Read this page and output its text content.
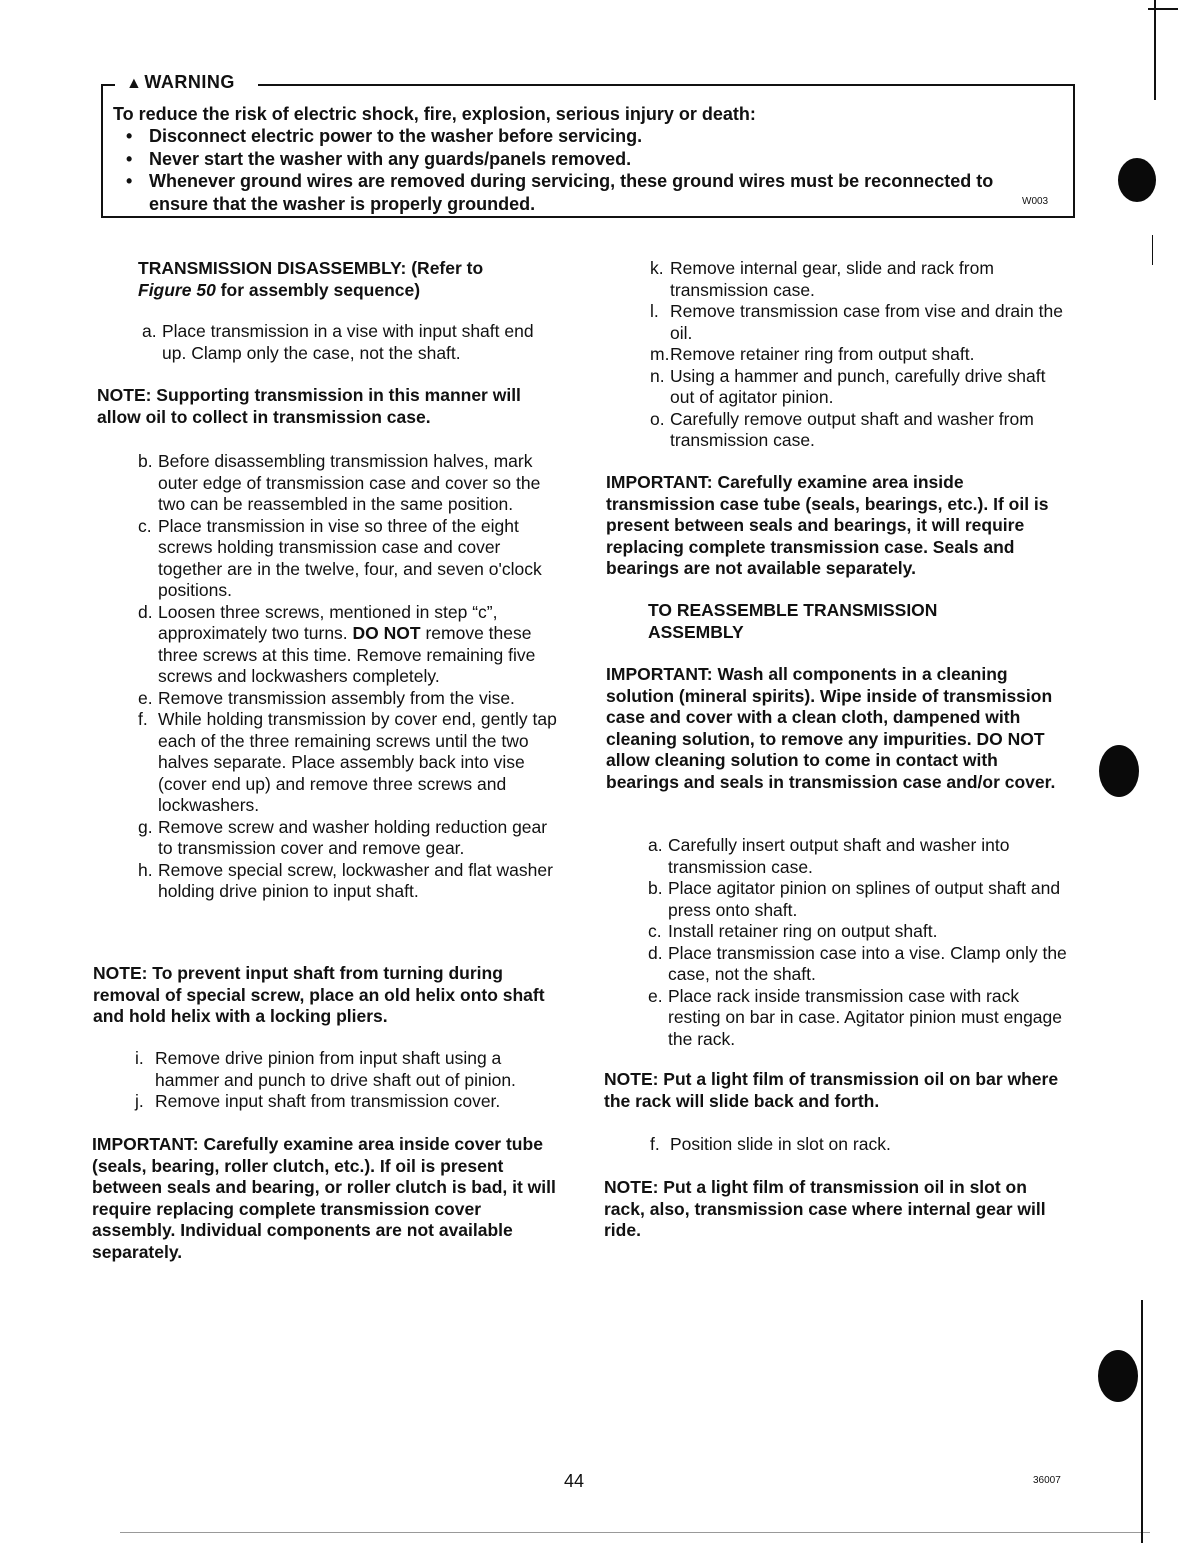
▲ WARNING
To reduce the risk of electric shock, fire, explosion, serious injury or death:
• Disconnect electric power to the washer before servicing.
• Never start the washer with any guards/panels removed.
• Whenever ground wires are removed during servicing, these ground wires must be reconnected to ensure that the washer is properly grounded.	W003
TRANSMISSION DISASSEMBLY: (Refer to
Figure 50 for assembly sequence)
a. Place transmission in a vise with input shaft end up. Clamp only the case, not the shaft.
NOTE: Supporting transmission in this manner will allow oil to collect in transmission case.
b. Before disassembling transmission halves, mark outer edge of transmission case and cover so the two can be reassembled in the same position.
c. Place transmission in vise so three of the eight screws holding transmission case and cover together are in the twelve, four, and seven o'clock positions.
d. Loosen three screws, mentioned in step “c”, approximately two turns. DO NOT remove these three screws at this time. Remove remaining five screws and lockwashers completely.
e. Remove transmission assembly from the vise.
f. While holding transmission by cover end, gently tap each of the three remaining screws until the two halves separate. Place assembly back into vise (cover end up) and remove three screws and lockwashers.
g. Remove screw and washer holding reduction gear to transmission cover and remove gear.
h. Remove special screw, lockwasher and flat washer holding drive pinion to input shaft.
NOTE: To prevent input shaft from turning during removal of special screw, place an old helix onto shaft and hold helix with a locking pliers.
i. Remove drive pinion from input shaft using a hammer and punch to drive shaft out of pinion.
j. Remove input shaft from transmission cover.
IMPORTANT: Carefully examine area inside cover tube (seals, bearing, roller clutch, etc.). If oil is present between seals and bearing, or roller clutch is bad, it will require replacing complete transmission cover assembly. Individual components are not available separately.
k. Remove internal gear, slide and rack from transmission case.
l. Remove transmission case from vise and drain the oil.
m. Remove retainer ring from output shaft.
n. Using a hammer and punch, carefully drive shaft out of agitator pinion.
o. Carefully remove output shaft and washer from transmission case.
IMPORTANT: Carefully examine area inside transmission case tube (seals, bearings, etc.). If oil is present between seals and bearings, it will require replacing complete transmission case. Seals and bearings are not available separately.
TO REASSEMBLE TRANSMISSION ASSEMBLY
IMPORTANT: Wash all components in a cleaning solution (mineral spirits). Wipe inside of transmission case and cover with a clean cloth, dampened with cleaning solution, to remove any impurities. DO NOT allow cleaning solution to come in contact with bearings and seals in transmission case and/or cover.
a. Carefully insert output shaft and washer into transmission case.
b. Place agitator pinion on splines of output shaft and press onto shaft.
c. Install retainer ring on output shaft.
d. Place transmission case into a vise. Clamp only the case, not the shaft.
e. Place rack inside transmission case with rack resting on bar in case. Agitator pinion must engage the rack.
NOTE: Put a light film of transmission oil on bar where the rack will slide back and forth.
f. Position slide in slot on rack.
NOTE: Put a light film of transmission oil in slot on rack, also, transmission case where internal gear will ride.
44	36007
